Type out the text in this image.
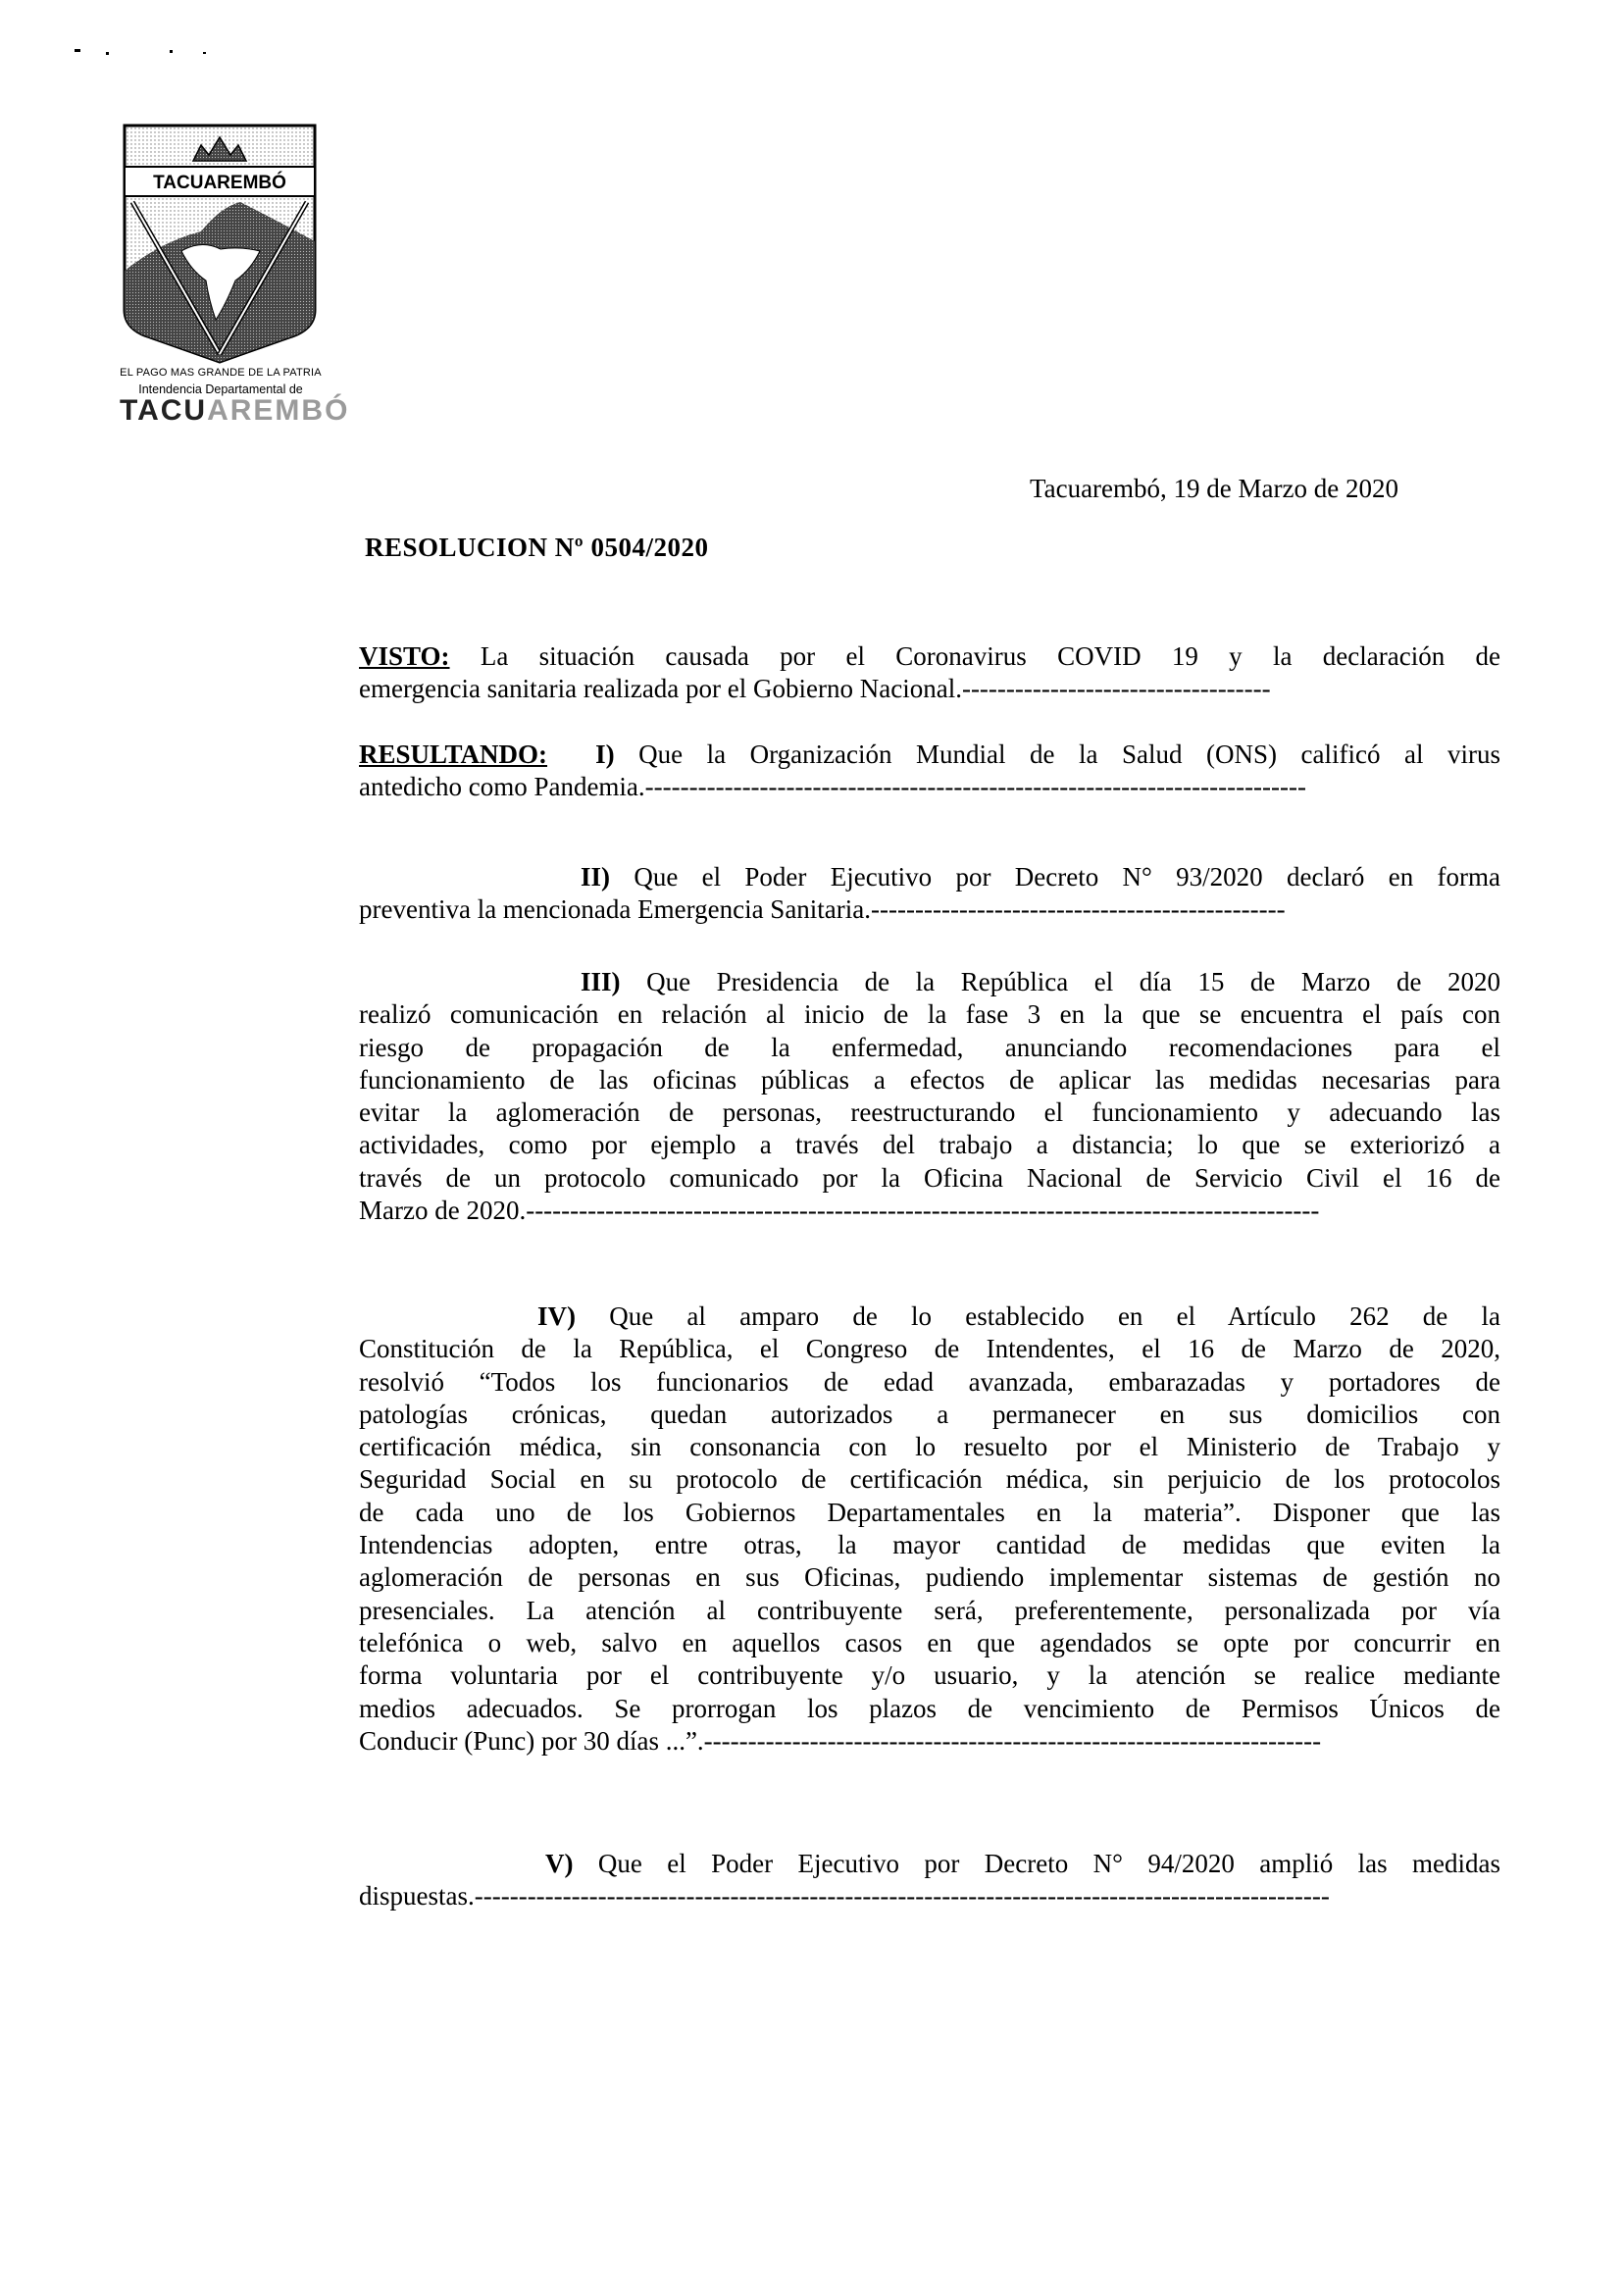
TACUAREMBÓ
EL PAGO MAS GRANDE DE LA PATRIA
Intendencia Departamental de
TACUAREMBÓ
Tacuarembó, 19 de Marzo de 2020
RESOLUCION Nº 0504/2020
VISTO: La situación causada por el Coronavirus COVID 19 y la declaración de
emergencia sanitaria realizada por el Gobierno Nacional.-----------------------------------
RESULTANDO: I) Que la Organización Mundial de la Salud (ONS) calificó al virus
antedicho como Pandemia.---------------------------------------------------------------------------
II) Que el Poder Ejecutivo por Decreto N° 93/2020 declaró en forma
preventiva la mencionada Emergencia Sanitaria.-----------------------------------------------
III) Que Presidencia de la República el día 15 de Marzo de 2020
realizó comunicación en relación al inicio de la fase 3 en la que se encuentra el país con
riesgo de propagación de la enfermedad, anunciando recomendaciones para el
funcionamiento de las oficinas públicas a efectos de aplicar las medidas necesarias para
evitar la aglomeración de personas, reestructurando el funcionamiento y adecuando las
actividades, como por ejemplo a través del trabajo a distancia; lo que se exteriorizó a
través de un protocolo comunicado por la Oficina Nacional de Servicio Civil el 16 de
Marzo de 2020.------------------------------------------------------------------------------------------
IV) Que al amparo de lo establecido en el Artículo 262 de la
Constitución de la República, el Congreso de Intendentes, el 16 de Marzo de 2020,
resolvió “Todos los funcionarios de edad avanzada, embarazadas y portadores de
patologías crónicas, quedan autorizados a permanecer en sus domicilios con
certificación médica, sin consonancia con lo resuelto por el Ministerio de Trabajo y
Seguridad Social en su protocolo de certificación médica, sin perjuicio de los protocolos
de cada uno de los Gobiernos Departamentales en la materia”. Disponer que las
Intendencias adopten, entre otras, la mayor cantidad de medidas que eviten la
aglomeración de personas en sus Oficinas, pudiendo implementar sistemas de gestión no
presenciales. La atención al contribuyente será, preferentemente, personalizada por vía
telefónica o web, salvo en aquellos casos en que agendados se opte por concurrir en
forma voluntaria por el contribuyente y/o usuario, y la atención se realice mediante
medios adecuados. Se prorrogan los plazos de vencimiento de Permisos Únicos de
Conducir (Punc) por 30 días ...”.----------------------------------------------------------------------
V) Que el Poder Ejecutivo por Decreto N° 94/2020 amplió las medidas
dispuestas.-------------------------------------------------------------------------------------------------
